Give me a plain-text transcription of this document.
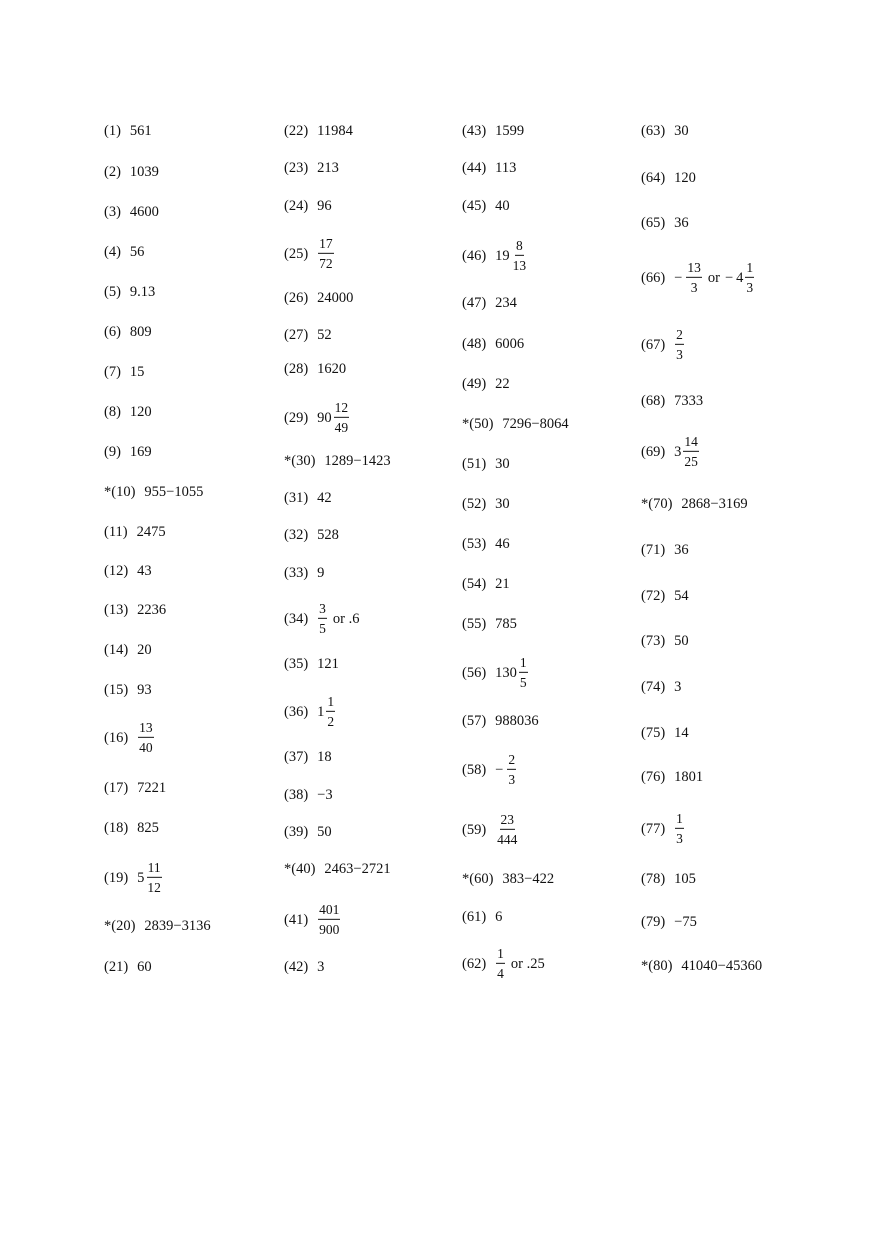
(1) 561
(2) 1039
(3) 4600
(4) 56
(5) 9.13
(6) 809
(7) 15
(8) 120
(9) 169
*(10) 955−1055
(11) 2475
(12) 43
(13) 2236
(14) 20
(15) 93
$(16) \frac{13}{40}$
(17) 7221
(18) 825
(19) $5 \frac{11}{12}$
*(20) 2839−3136
(21) 60
(22) 11984
(23) 213
(24) 96
$(25) \frac{17}{72}$
(26) 24000
(27) 52
(28) 1620
(29) $90 \frac{12}{49}$
*(30) 1289−1423
(31) 42
(32) 528
(33) 9
$(34) \frac{3}{5}$ or .6
(35) 121
(36) $1 \frac{1}{2}$
(37) 18
(38) −3
(39) 50
*(40) 2463−2721
$(41) \frac{401}{900}$
(42) 3
(43) 1599
(44) 113
(45) 40
(46) $19 \frac{8}{13}$
(47) 234
(48) 6006
(49) 22
*(50) 7296−8064
(51) 30
(52) 30
(53) 46
(54) 21
(55) 785
(56) $130 \frac{1}{5}$
(57) 988036
$(58) - \frac{2}{3}$
$(59) \frac{23}{444}$
*(60) 383−422
(61) 6
$(62) \frac{1}{4}$ or .25
(63) 30
(64) 120
(65) 36
$(66) - \frac{13}{3}$ or − $4 \frac{1}{3}$
$(67) \frac{2}{3}$
(68) 7333
(69) $3 \frac{14}{25}$
*(70) 2868−3169
(71) 36
(72) 54
(73) 50
(74) 3
(75) 14
(76) 1801
$(77) \frac{1}{3}$
(78) 105
(79) −75
*(80) 41040−45360
